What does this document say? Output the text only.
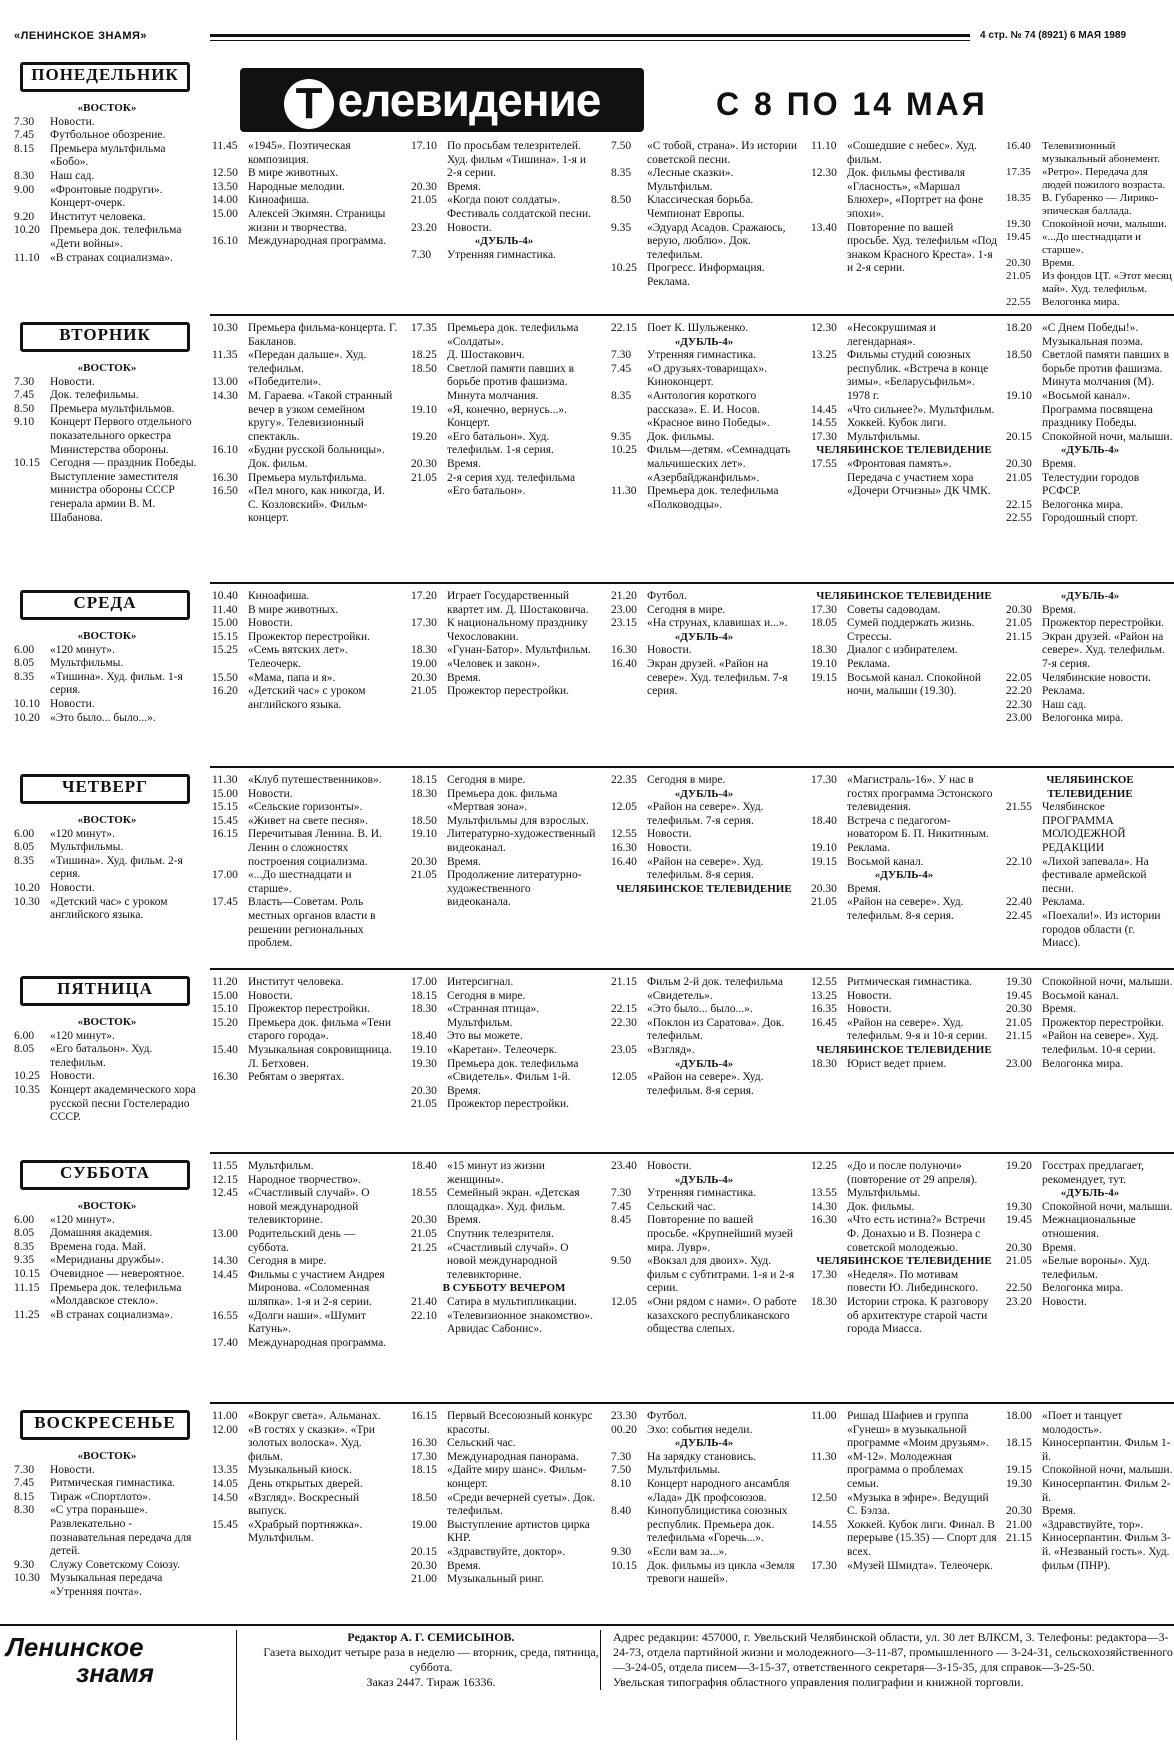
«ЛЕНИНСКОЕ ЗНАМЯ»	4 стр. № 74 (8921) 6 МАЯ 1989
Т елевидение	С 8 ПО 14 МАЯ
ПОНЕДЕЛЬНИК
«ВОСТОК»
7.30	Новости.
7.45	Футбольное обозрение.
8.15	Премьера мультфильма «Бобо».
8.30	Наш сад.
9.00	«Фронтовые подруги». Концерт-очерк.
9.20	Институт человека.
10.20 Премьера док. телефильма «Дети войны».
11.10 «В странах социализма».
11.45 «1945». Поэтическая композиция.
12.50 В мире животных.
13.50 Народные мелодии.
14.00 Киноафиша.
15.00 Алексей Экимян. Страницы жизни и творчества.
16.10 Международная программа.
17.10 По просьбам телезрителей. Худ. фильм «Тишина». 1-я и 2-я серии.
20.30 Время.
21.05 «Когда поют солдаты». Фестиваль солдатской песни.
23.20 Новости.
«ДУБЛЬ-4»
7.30	Утренняя гимнастика.
7.50	«С тобой, страна». Из истории советской песни.
8.35	«Лесные сказки». Мультфильм.
8.50	Классическая борьба. Чемпионат Европы.
9.35	«Эдуард Асадов. Сражаюсь, верую, люблю». Док. телефильм.
10.25 Прогресс. Информация. Реклама.
11.10 «Сошедшие с небес». Худ. фильм.
12.30 Док. фильмы фестиваля «Гласность», «Маршал Блюхер», «Портрет на фоне эпохи».
13.40 Повторение по вашей просьбе. Худ. телефильм «Под знаком Красного Креста». 1-я и 2-я серии.
16.40	Телевизионный музыкальный абонемент.
17.35	«Ретро». Передача для людей пожилого возраста.
18.35	В. Губаренко — Лирико-эпическая баллада.
19.30	Спокойной ночи, малыши.
19.45	«...До шестнадцати и старше».
20.30	Время.
21.05	Из фондов ЦТ. «Этот месяц май». Худ. телефильм.
22.55	Велогонка мира.
ВТОРНИК
«ВОСТОК»
7.30	Новости.
7.45	Док. телефильмы.
8.50	Премьера мультфильмов.
9.10	Концерт Первого отдельного показательного оркестра Министерства обороны.
10.15 Сегодня — праздник Победы. Выступление заместителя министра обороны СССР генерала армии В. М. Шабанова.
10.30 Премьера фильма-концерта. Г. Бакланов.
11.35 «Передан дальше». Худ. телефильм.
13.00 «Победители».
14.30 М. Гараева. «Такой странный вечер в узком семейном кругу». Телевизионный спектакль.
16.10 «Будни русской больницы». Док. фильм.
16.30 Премьера мультфильма.
16.50 «Пел много, как никогда, И. С. Козловский». Фильм-концерт.
17.35 Премьера док. телефильма «Солдаты».
18.25 Д. Шостакович.
18.50 Светлой памяти павших в борьбе против фашизма. Минута молчания.
19.10 «Я, конечно, вернусь...». Концерт.
19.20 «Его батальон». Худ. телефильм. 1-я серия.
20.30 Время.
21.05 2-я серия худ. телефильма «Его батальон».
22.15 Поет К. Шульженко.
«ДУБЛЬ-4»
7.30	Утренняя гимнастика.
7.45	«О друзьях-товарищах». Киноконцерт.
8.35	«Антология короткого рассказа». Е. И. Носов. «Красное вино Победы».
9.35	Док. фильмы.
10.25 Фильм—детям. «Семнадцать мальчишеских лет». «Азербайджанфильм».
11.30 Премьера док. телефильма «Полководцы».
12.30 «Несокрушимая и легендарная».
13.25 Фильмы студий союзных республик. «Встреча в конце зимы». «Беларусьфильм». 1978 г.
14.45 «Что сильнее?». Мультфильм.
14.55 Хоккей. Кубок лиги.
17.30 Мультфильмы.
ЧЕЛЯБИНСКОЕ ТЕЛЕВИДЕНИЕ
17.55 «Фронтовая память». Передача с участием хора «Дочери Отчизны» ДК ЧМК.
18.20 «С Днем Победы!». Музыкальная поэма.
18.50 Светлой памяти павших в борьбе против фашизма. Минута молчания (М).
19.10 «Восьмой канал». Программа посвящена празднику Победы.
20.15 Спокойной ночи, малыши.
«ДУБЛЬ-4»
20.30 Время.
21.05 Телестудии городов РСФСР.
22.15 Велогонка мира.
22.55 Городошный спорт.
СРЕДА
«ВОСТОК»
6.00	«120 минут».
8.05	Мультфильмы.
8.35	«Тишина». Худ. фильм. 1-я серия.
10.10 Новости.
10.20 «Это было... было...».
10.40 Киноафиша.
11.40 В мире животных.
15.00 Новости.
15.15 Прожектор перестройки.
15.25 «Семь вятских лет». Телеочерк.
15.50 «Мама, папа и я».
16.20 «Детский час» с уроком английского языка.
17.20 Играет Государственный квартет им. Д. Шостаковича.
17.30 К национальному празднику Чехословакии.
18.30 «Гунан-Батор». Мультфильм.
19.00 «Человек и закон».
20.30 Время.
21.05 Прожектор перестройки.
21.20 Футбол.
23.00 Сегодня в мире.
23.15 «На струнах, клавишах и...».
«ДУБЛЬ-4»
16.30 Новости.
16.40 Экран друзей. «Район на севере». Худ. телефильм. 7-я серия.
ЧЕЛЯБИНСКОЕ ТЕЛЕВИДЕНИЕ
17.30 Советы садоводам.
18.05 Сумей поддержать жизнь. Стрессы.
18.30 Диалог с избирателем.
19.10 Реклама.
19.15 Восьмой канал. Спокойной ночи, малыши (19.30).
«ДУБЛЬ-4»
20.30 Время.
21.05 Прожектор перестройки.
21.15 Экран друзей. «Район на севере». Худ. телефильм. 7-я серия.
22.05 Челябинские новости.
22.20 Реклама.
22.30 Наш сад.
23.00 Велогонка мира.
ЧЕТВЕРГ
«ВОСТОК»
6.00	«120 минут».
8.05	Мультфильмы.
8.35	«Тишина». Худ. фильм. 2-я серия.
10.20 Новости.
10.30 «Детский час» с уроком английского языка.
11.30 «Клуб путешественников».
15.00 Новости.
15.15 «Сельские горизонты».
15.45 «Живет на свете песня».
16.15 Перечитывая Ленина. В. И. Ленин о сложностях построения социализма.
17.00 «...До шестнадцати и старше».
17.45 Власть—Советам. Роль местных органов власти в решении региональных проблем.
18.15 Сегодня в мире.
18.30 Премьера док. фильма «Мертвая зона».
18.50 Мультфильмы для взрослых.
19.10 Литературно-художественный видеоканал.
20.30 Время.
21.05 Продолжение литературно-художественного видеоканала.
22.35 Сегодня в мире.
«ДУБЛЬ-4»
12.05 «Район на севере». Худ. телефильм. 7-я серия.
12.55 Новости.
16.30 Новости.
16.40 «Район на севере». Худ. телефильм. 8-я серия.
ЧЕЛЯБИНСКОЕ ТЕЛЕВИДЕНИЕ
17.30 «Магистраль-16». У нас в гостях программа Эстонского телевидения.
18.40 Встреча с педагогом-новатором Б. П. Никитиным.
19.10 Реклама.
19.15 Восьмой канал.
«ДУБЛЬ-4»
20.30 Время.
21.05 «Район на севере». Худ. телефильм. 8-я серия.
ЧЕЛЯБИНСКОЕ ТЕЛЕВИДЕНИЕ
21.55 Челябинское ПРОГРАММА МОЛОДЕЖНОЙ РЕДАКЦИИ
22.10 «Лихой запевала». На фестивале армейской песни.
22.40 Реклама.
22.45 «Поехали!». Из истории городов области (г. Миасс).
ПЯТНИЦА
«ВОСТОК»
6.00	«120 минут».
8.05	«Его батальон». Худ. телефильм.
10.25 Новости.
10.35 Концерт академического хора русской песни Гостелерадио СССР.
11.20 Институт человека.
15.00 Новости.
15.10 Прожектор перестройки.
15.20 Премьера док. фильма «Тени старого города».
15.40 Музыкальная сокровищница. Л. Бетховен.
16.30 Ребятам о зверятах.
17.00 Интерсигнал.
18.15 Сегодня в мире.
18.30 «Странная птица». Мультфильм.
18.40 Это вы можете.
19.10 «Каретан». Телеочерк.
19.30 Премьера док. телефильма «Свидетель». Фильм 1-й.
20.30 Время.
21.05 Прожектор перестройки.
21.15 Фильм 2-й док. телефильма «Свидетель».
22.15 «Это было... было...».
22.30 «Поклон из Саратова». Док. телефильм.
23.05 «Взгляд».
«ДУБЛЬ-4»
12.05 «Район на севере». Худ. телефильм. 8-я серия.
12.55 Ритмическая гимнастика.
13.25 Новости.
16.35 Новости.
16.45 «Район на севере». Худ. телефильм. 9-я и 10-я серии.
ЧЕЛЯБИНСКОЕ ТЕЛЕВИДЕНИЕ
18.30 Юрист ведет прием.
19.30 Спокойной ночи, малыши.
19.45 Восьмой канал.
20.30 Время.
21.05 Прожектор перестройки.
21.15 «Район на севере». Худ. телефильм. 10-я серии.
23.00 Велогонка мира.
СУББОТА
«ВОСТОК»
6.00	«120 минут».
8.05	Домашняя академия.
8.35	Времена года. Май.
9.35	«Меридианы дружбы».
10.15 Очевидное — невероятное.
11.15 Премьера док. телефильма «Молдавское стекло».
11.25 «В странах социализма».
11.55 Мультфильм.
12.15 Народное творчество».
12.45 «Счастливый случай». О новой международной телевикторине.
13.00 Родительский день — суббота.
14.30 Сегодня в мире.
14.45 Фильмы с участием Андрея Миронова. «Соломенная шляпка». 1-я и 2-я серии.
16.55 «Долги наши». «Шумит Катунь».
17.40 Международная программа.
18.40 «15 минут из жизни женщины».
18.55 Семейный экран. «Детская площадка». Худ. фильм.
20.30 Время.
21.05 Спутник телезрителя.
21.25 «Счастливый случай». О новой международной телевикторине.
В СУББОТУ ВЕЧЕРОМ
21.40 Сатира в мультипликации.
22.10 «Телевизионное знакомство». Арвидас Сабонис».
23.40 Новости.
«ДУБЛЬ-4»
7.30	Утренняя гимнастика.
7.45	Сельский час.
8.45	Повторение по вашей просьбе. «Крупнейший музей мира. Лувр».
9.50	«Вокзал для двоих». Худ. фильм с субтитрами. 1-я и 2-я серии.
12.05 «Они рядом с нами». О работе казахского республиканского общества слепых.
12.25 «До и после полуночи» (повторение от 29 апреля).
13.55 Мультфильмы.
14.30 Док. фильмы.
16.30 «Что есть истина?» Встречи Ф. Донахью и В. Познера с советской молодежью.
ЧЕЛЯБИНСКОЕ ТЕЛЕВИДЕНИЕ
17.30 «Неделя». По мотивам повести Ю. Либединского.
18.30 Истории строка. К разговору об архитектуре старой части города Миасса.
19.20 Госстрах предлагает, рекомендует, тут.
«ДУБЛЬ-4»
19.30 Спокойной ночи, малыши.
19.45 Межнациональные отношения.
20.30 Время.
21.05 «Белые вороны». Худ. телефильм.
22.50 Велогонка мира.
23.20 Новости.
ВОСКРЕСЕНЬЕ
«ВОСТОК»
7.30	Новости.
7.45	Ритмическая гимнастика.
8.15	Тираж «Спортлото».
8.30	«С утра пораньше». Развлекательно - познавательная передача для детей.
9.30	Служу Советскому Союзу.
10.30 Музыкальная передача «Утренняя почта».
11.00 «Вокруг света». Альманах.
12.00 «В гостях у сказки». «Три золотых волоска». Худ. фильм.
13.35 Музыкальный киоск.
14.05 День открытых дверей.
14.50 «Взгляд». Воскресный выпуск.
15.45 «Храбрый портняжка». Мультфильм.
16.15 Первый Всесоюзный конкурс красоты.
16.30 Сельский час.
17.30 Международная панорама.
18.15 «Дайте миру шанс». Фильм-концерт.
18.50 «Среди вечерней суеты». Док. телефильм.
19.00 Выступление артистов цирка КНР.
20.15 «Здравствуйте, доктор».
20.30 Время.
21.00 Музыкальный ринг.
23.30 Футбол.
00.20 Эхо: события недели.
«ДУБЛЬ-4»
7.30	На зарядку становись.
7.50	Мультфильмы.
8.10	Концерт народного ансамбля «Лада» ДК профсоюзов.
8.40	Кинопублицистика союзных республик. Премьера док. телефильма «Горечь...».
9.30	«Если вам за...».
10.15 Док. фильмы из цикла «Земля тревоги нашей».
11.00 Ришад Шафиев и группа «Гунеш» в музыкальной программе «Моим друзьям».
11.30 «М-12». Молодежная программа о проблемах семьи.
12.50 «Музыка в эфире». Ведущий С. Бэлза.
14.55 Хоккей. Кубок лиги. Финал. В перерыве (15.35) — Спорт для всех.
17.30 «Музей Шмидта». Телеочерк.
18.00 «Поет и танцует молодость».
18.15 Киносерпантин. Фильм 1-й.
19.15 Спокойной ночи, малыши.
19.30 Киносерпантин. Фильм 2-й.
20.30 Время.
21.00 «Здравствуйте, тор».
21.15 Киносерпантин. Фильм 3-й. «Незваный гость». Худ. фильм (ПНР).
Ленинское
знамя
Редактор А. Г. СЕМИСЫНОВ.
Газета выходит четыре раза в неделю — вторник, среда, пятница, суббота.
Заказ 2447. Тираж 16336.
Адрес редакции: 457000, г. Увельский Челябинской области, ул. 30 лет ВЛКСМ, 3. Телефоны: редактора—3-24-73, отдела партийной жизни и молодежного—3-11-87, промышленного — 3-24-31, сельскохозяйственного—3-24-05, отдела писем—3-15-37, ответственного секретаря—3-15-35, для справок—3-25-50.
Увельская типография областного управления полиграфии и книжной торговли.
